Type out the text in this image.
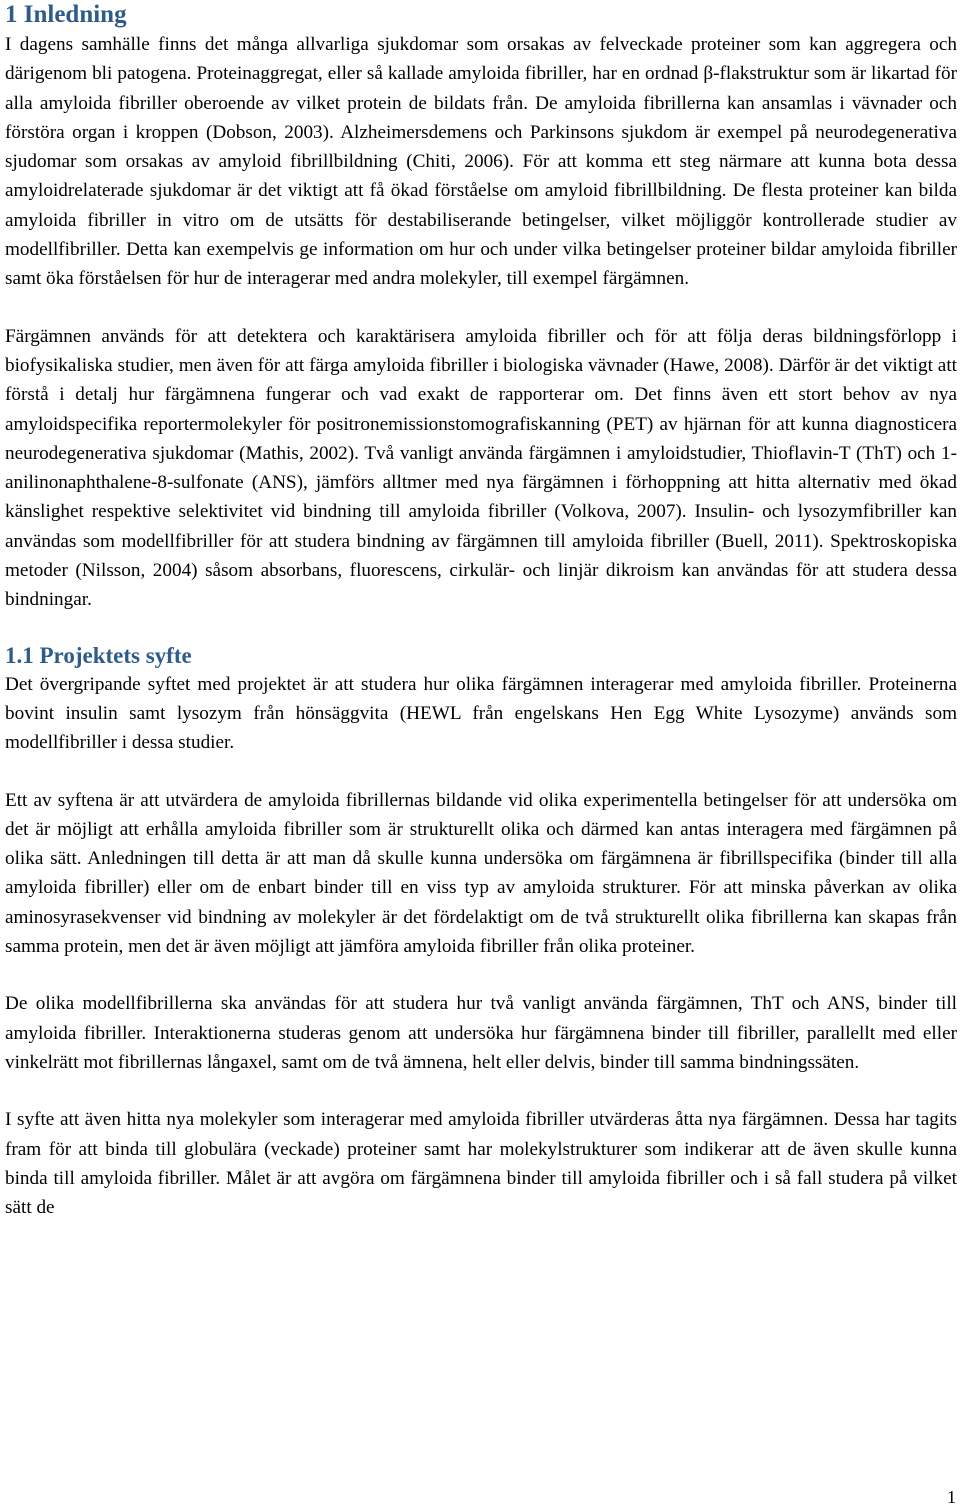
1 Inledning

I dagens samhälle finns det många allvarliga sjukdomar som orsakas av felveckade proteiner som kan aggregera och därigenom bli patogena. Proteinaggregat, eller så kallade amyloida fibriller, har en ordnad β-flakstruktur som är likartad för alla amyloida fibriller oberoende av vilket protein de bildats från. De amyloida fibrillerna kan ansamlas i vävnader och förstöra organ i kroppen (Dobson, 2003). Alzheimersdemens och Parkinsons sjukdom är exempel på neurodegenerativa sjudomar som orsakas av amyloid fibrillbildning (Chiti, 2006). För att komma ett steg närmare att kunna bota dessa amyloidrelaterade sjukdomar är det viktigt att få ökad förståelse om amyloid fibrillbildning. De flesta proteiner kan bilda amyloida fibriller in vitro om de utsätts för destabiliserande betingelser, vilket möjliggör kontrollerade studier av modellfibriller. Detta kan exempelvis ge information om hur och under vilka betingelser proteiner bildar amyloida fibriller samt öka förståelsen för hur de interagerar med andra molekyler, till exempel färgämnen.

Färgämnen används för att detektera och karaktärisera amyloida fibriller och för att följa deras bildningsförlopp i biofysikaliska studier, men även för att färga amyloida fibriller i biologiska vävnader (Hawe, 2008). Därför är det viktigt att förstå i detalj hur färgämnena fungerar och vad exakt de rapporterar om. Det finns även ett stort behov av nya amyloidspecifika reportermolekyler för positronemissionstomografiskanning (PET) av hjärnan för att kunna diagnosticera neurodegenerativa sjukdomar (Mathis, 2002). Två vanligt använda färgämnen i amyloidstudier, Thioflavin-T (ThT) och 1-anilinonaphthalene-8-sulfonate (ANS), jämförs alltmer med nya färgämnen i förhoppning att hitta alternativ med ökad känslighet respektive selektivitet vid bindning till amyloida fibriller (Volkova, 2007). Insulin- och lysozymfibriller kan användas som modellfibriller för att studera bindning av färgämnen till amyloida fibriller (Buell, 2011). Spektroskopiska metoder (Nilsson, 2004) såsom absorbans, fluorescens, cirkulär- och linjär dikroism kan användas för att studera dessa bindningar.

1.1 Projektets syfte

Det övergripande syftet med projektet är att studera hur olika färgämnen interagerar med amyloida fibriller. Proteinerna bovint insulin samt lysozym från hönsäggvita (HEWL från engelskans Hen Egg White Lysozyme) används som modellfibriller i dessa studier.

Ett av syftena är att utvärdera de amyloida fibrillernas bildande vid olika experimentella betingelser för att undersöka om det är möjligt att erhålla amyloida fibriller som är strukturellt olika och därmed kan antas interagera med färgämnen på olika sätt. Anledningen till detta är att man då skulle kunna undersöka om färgämnena är fibrillspecifika (binder till alla amyloida fibriller) eller om de enbart binder till en viss typ av amyloida strukturer. För att minska påverkan av olika aminosyrasekvenser vid bindning av molekyler är det fördelaktigt om de två strukturellt olika fibrillerna kan skapas från samma protein, men det är även möjligt att jämföra amyloida fibriller från olika proteiner.

De olika modellfibrillerna ska användas för att studera hur två vanligt använda färgämnen, ThT och ANS, binder till amyloida fibriller. Interaktionerna studeras genom att undersöka hur färgämnena binder till fibriller, parallellt med eller vinkelrätt mot fibrillernas långaxel, samt om de två ämnena, helt eller delvis, binder till samma bindningssäten.

I syfte att även hitta nya molekyler som interagerar med amyloida fibriller utvärderas åtta nya färgämnen. Dessa har tagits fram för att binda till globulära (veckade) proteiner samt har molekylstrukturer som indikerar att de även skulle kunna binda till amyloida fibriller. Målet är att avgöra om färgämnena binder till amyloida fibriller och i så fall studera på vilket sätt de

1
